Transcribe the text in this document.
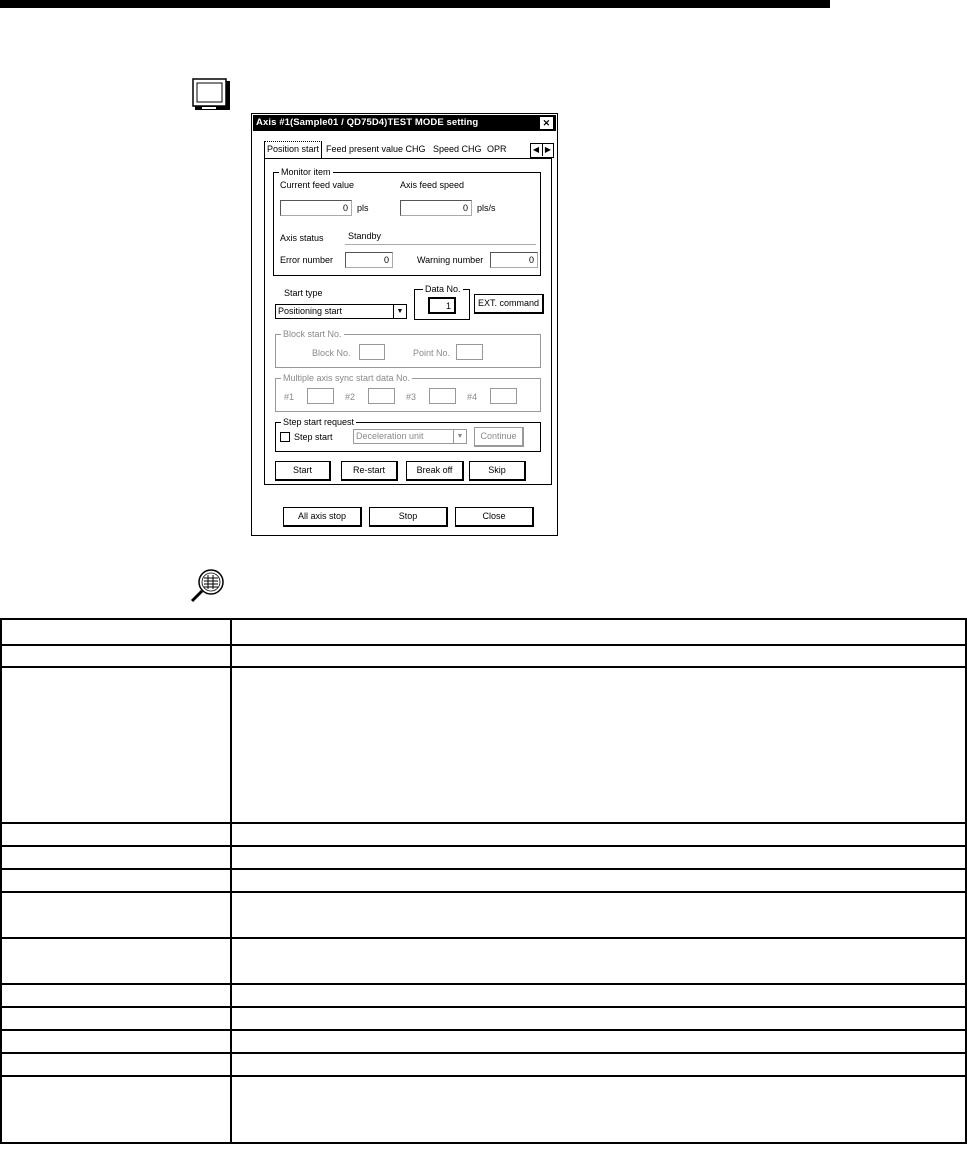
Axis #1(Sample01 / QD75D4)TEST MODE setting	✕
Position start Feed present value CHG Speed CHG OPR	◀ ▶
Monitor item
Current feed value	Axis feed speed
0	pls	0	pls/s
Axis status	Standby
Error number	0	Warning number	0
Start type
Positioning start	▼
Data No.
1	EXT. command
Block start No.
Block No.	Point No.
Multiple axis sync start data No.
#1	#2	#3	#4
Step start request
Step start	Deceleration unit	▼	Continue
Start	Re-start	Break off	Skip
All axis stop	Stop	Close
